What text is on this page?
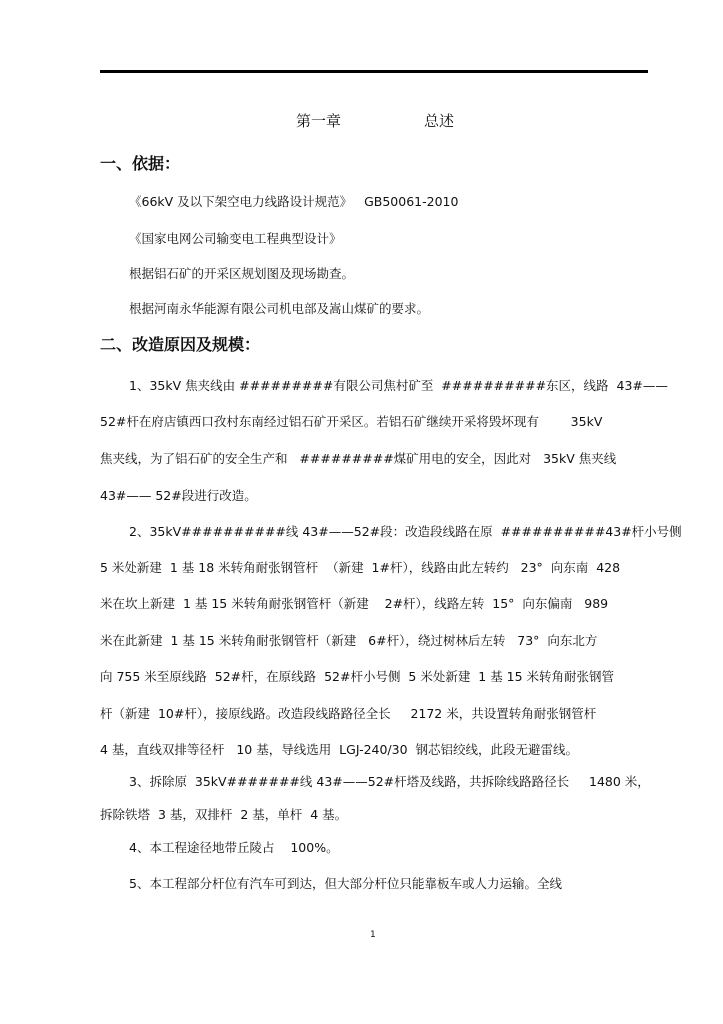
第一章	总述
一、依据：
《66kV 及以下架空电力线路设计规范》   GB50061-2010
《国家电网公司输变电工程典型设计》
根据铝石矿的开采区规划图及现场勘查。
根据河南永华能源有限公司机电部及嵩山煤矿的要求。
二、改造原因及规模：
1、35kV 焦夹线由 #########有限公司焦村矿至  ##########东区，线路  43#——
52#杆在府店镇西口孜村东南经过铝石矿开采区。若铝石矿继续开采将毁坏现有        35kV
焦夹线，为了铝石矿的安全生产和   #########煤矿用电的安全，因此对   35kV 焦夹线
43#—— 52#段进行改造。
2、35kV##########线 43#——52#段：改造段线路在原  ##########43#杆小号侧
5 米处新建  1 基 18 米转角耐张钢管杆  （新建  1#杆），线路由此左转约   23°  向东南  428
米在坎上新建  1 基 15 米转角耐张钢管杆（新建    2#杆），线路左转  15°  向东偏南   989
米在此新建  1 基 15 米转角耐张钢管杆（新建   6#杆），绕过树林后左转   73°  向东北方
向 755 米至原线路  52#杆，在原线路  52#杆小号侧  5 米处新建  1 基 15 米转角耐张钢管
杆（新建  10#杆），接原线路。改造段线路路径全长     2172 米，共设置转角耐张钢管杆
4 基，直线双排等径杆   10 基，导线选用  LGJ-240/30  钢芯铝绞线，此段无避雷线。
3、拆除原  35kV#######线 43#——52#杆塔及线路，共拆除线路路径长     1480 米，
拆除铁塔  3 基，双排杆  2 基，单杆  4 基。
4、本工程途径地带丘陵占    100%。
5、本工程部分杆位有汽车可到达，但大部分杆位只能靠板车或人力运输。全线
1
